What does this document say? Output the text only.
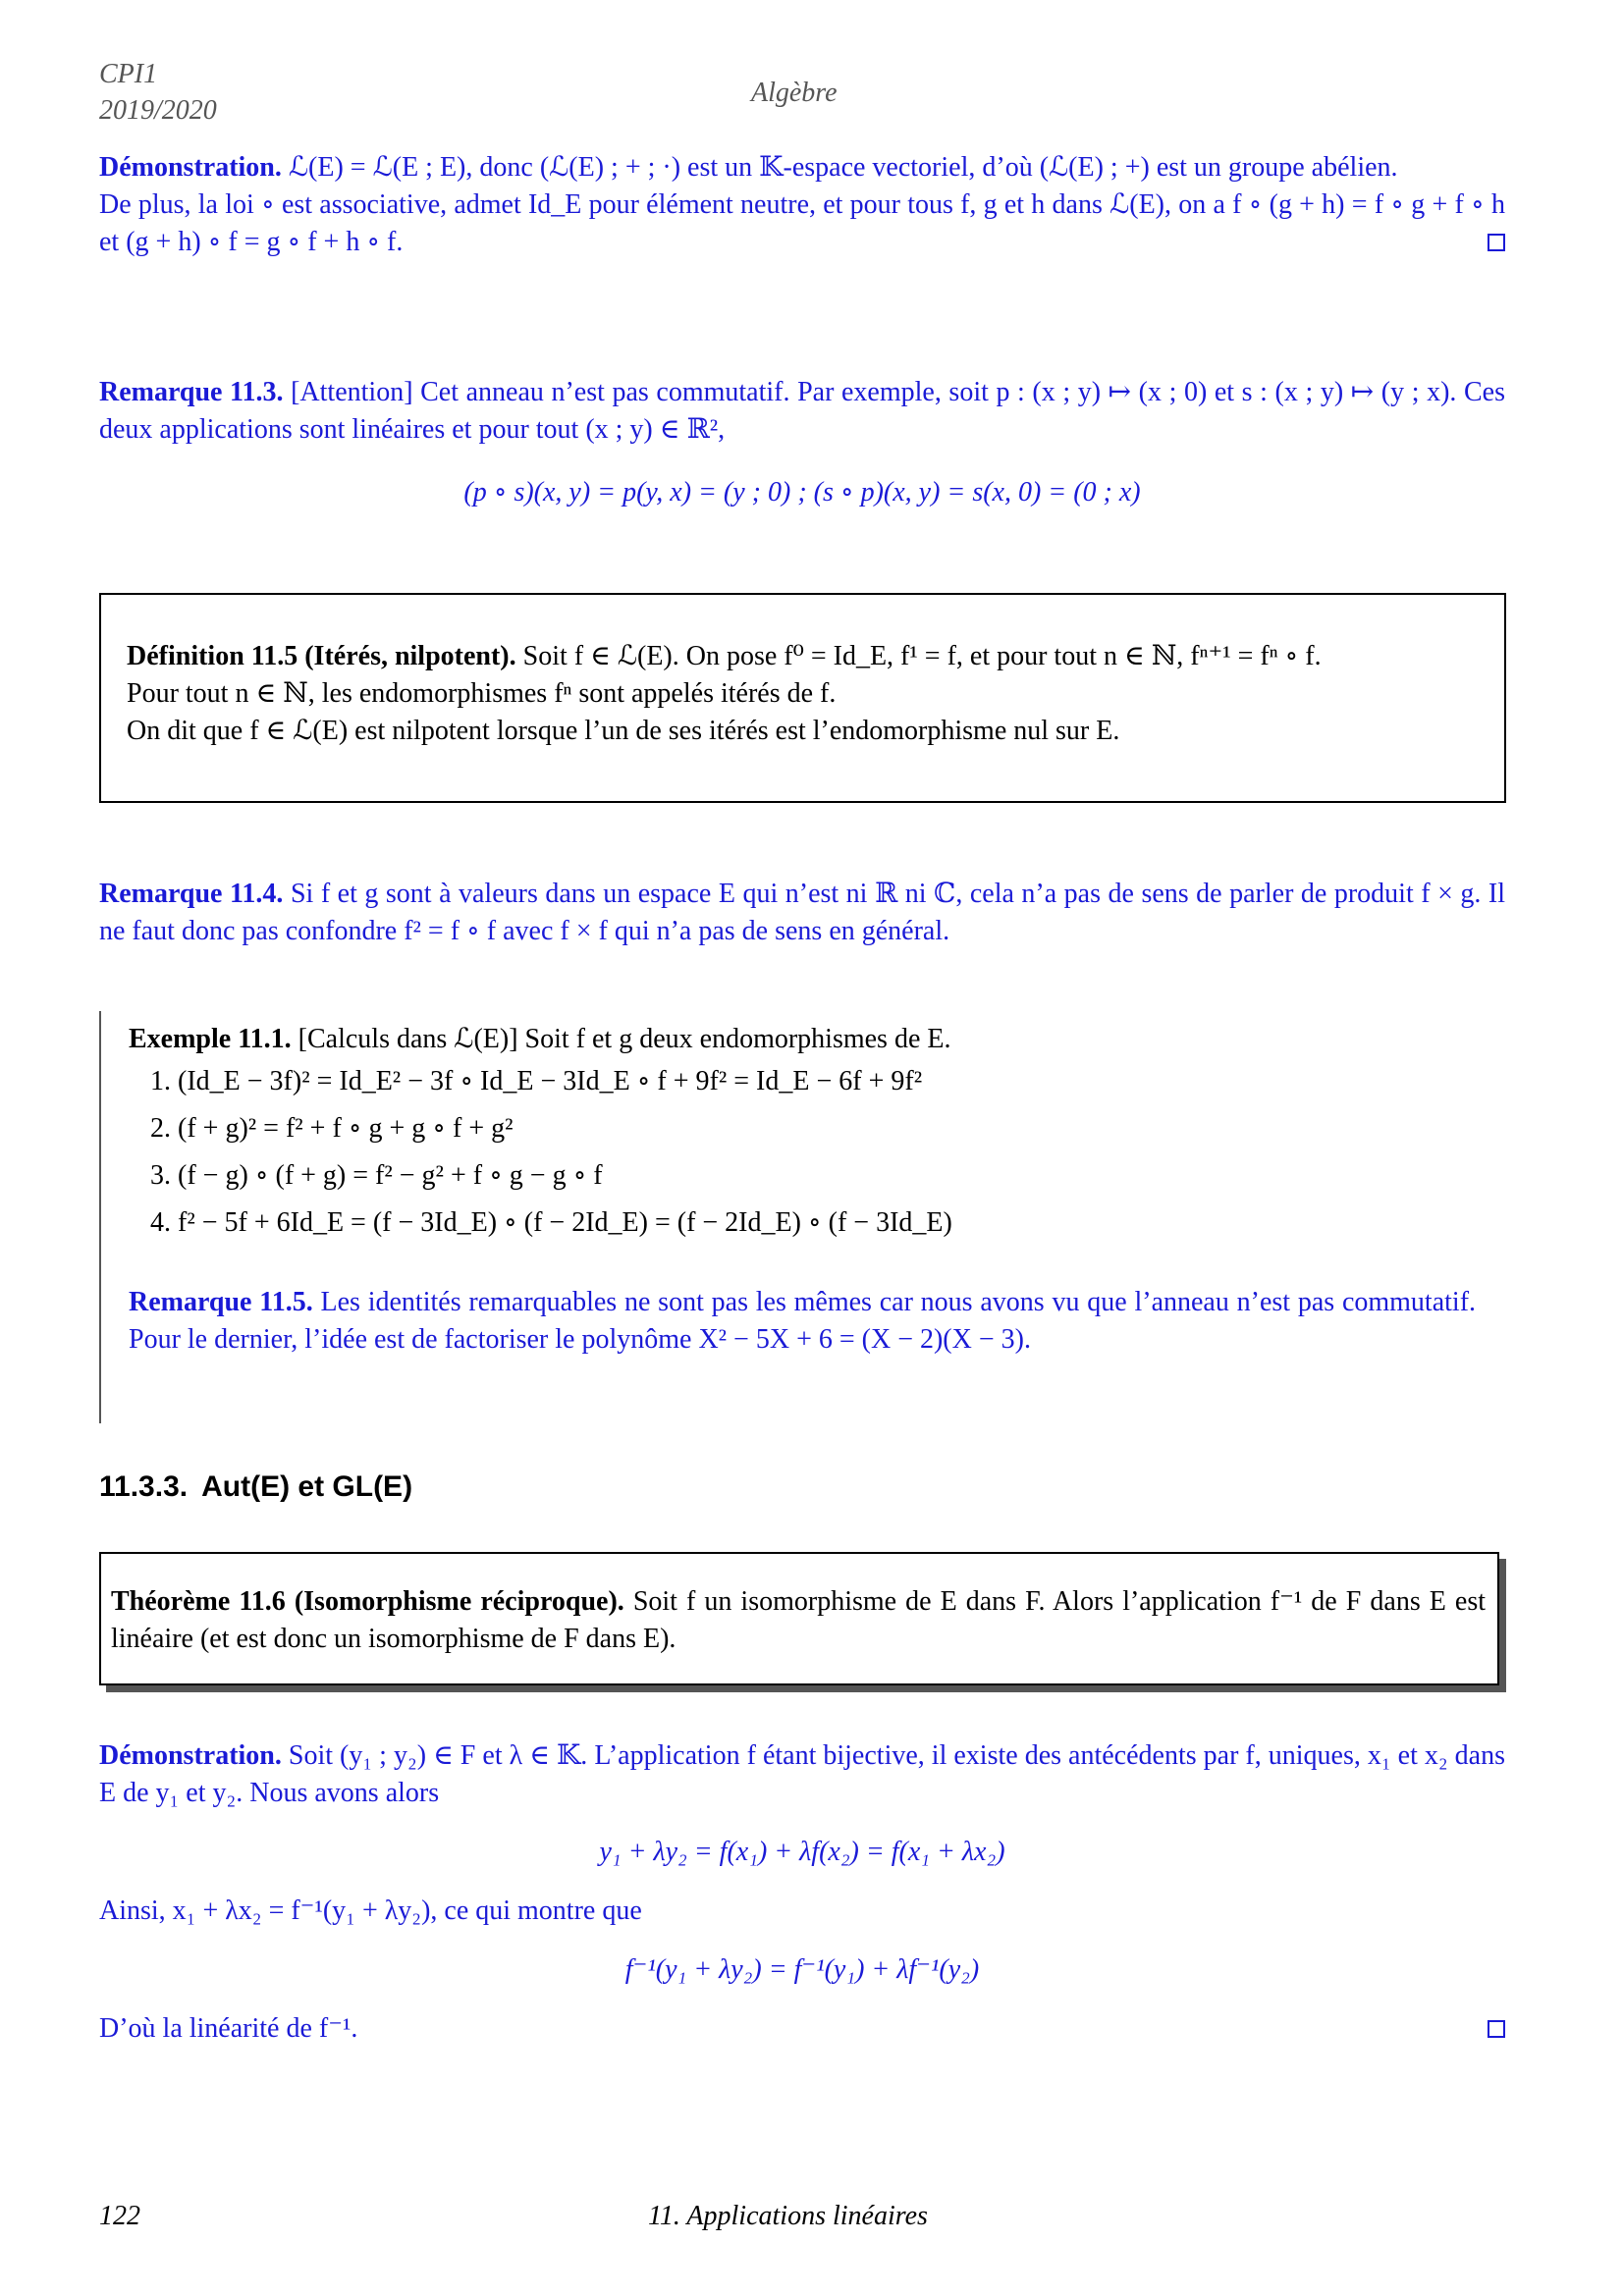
CPI1
2019/2020
Algèbre
Démonstration. ℒ(E) = ℒ(E ; E), donc (ℒ(E) ; + ; ·) est un 𝕂-espace vectoriel, d’où (ℒ(E) ; +) est un groupe abélien.
De plus, la loi ∘ est associative, admet Id_E pour élément neutre, et pour tous f, g et h dans ℒ(E), on a f ∘ (g + h) = f ∘ g + f ∘ h et (g + h) ∘ f = g ∘ f + h ∘ f.
Remarque 11.3. [Attention] Cet anneau n’est pas commutatif. Par exemple, soit p : (x ; y) ↦ (x ; 0) et s : (x ; y) ↦ (y ; x). Ces deux applications sont linéaires et pour tout (x ; y) ∈ ℝ²,
(p ∘ s)(x, y) = p(y, x) = (y ; 0) ; (s ∘ p)(x, y) = s(x, 0) = (0 ; x)
Définition 11.5 (Itérés, nilpotent). Soit f ∈ ℒ(E). On pose f⁰ = Id_E, f¹ = f, et pour tout n ∈ ℕ, fⁿ⁺¹ = fⁿ ∘ f.
Pour tout n ∈ ℕ, les endomorphismes fⁿ sont appelés itérés de f.
On dit que f ∈ ℒ(E) est nilpotent lorsque l’un de ses itérés est l’endomorphisme nul sur E.
Remarque 11.4. Si f et g sont à valeurs dans un espace E qui n’est ni ℝ ni ℂ, cela n’a pas de sens de parler de produit f × g. Il ne faut donc pas confondre f² = f ∘ f avec f × f qui n’a pas de sens en général.
Exemple 11.1. [Calculs dans ℒ(E)] Soit f et g deux endomorphismes de E.
1. (Id_E − 3f)² = Id_E² − 3f ∘ Id_E − 3Id_E ∘ f + 9f² = Id_E − 6f + 9f²
2. (f + g)² = f² + f ∘ g + g ∘ f + g²
3. (f − g) ∘ (f + g) = f² − g² + f ∘ g − g ∘ f
4. f² − 5f + 6Id_E = (f − 3Id_E) ∘ (f − 2Id_E) = (f − 2Id_E) ∘ (f − 3Id_E)
Remarque 11.5. Les identités remarquables ne sont pas les mêmes car nous avons vu que l’anneau n’est pas commutatif. Pour le dernier, l’idée est de factoriser le polynôme X² − 5X + 6 = (X − 2)(X − 3).
11.3.3. Aut(E) et GL(E)
Théorème 11.6 (Isomorphisme réciproque). Soit f un isomorphisme de E dans F. Alors l’application f⁻¹ de F dans E est linéaire (et est donc un isomorphisme de F dans E).
Démonstration. Soit (y₁ ; y₂) ∈ F et λ ∈ 𝕂. L’application f étant bijective, il existe des antécédents par f, uniques, x₁ et x₂ dans E de y₁ et y₂. Nous avons alors
y₁ + λy₂ = f(x₁) + λf(x₂) = f(x₁ + λx₂)
Ainsi, x₁ + λx₂ = f⁻¹(y₁ + λy₂), ce qui montre que
f⁻¹(y₁ + λy₂) = f⁻¹(y₁) + λf⁻¹(y₂)
D’où la linéarité de f⁻¹.
122	11. Applications linéaires
